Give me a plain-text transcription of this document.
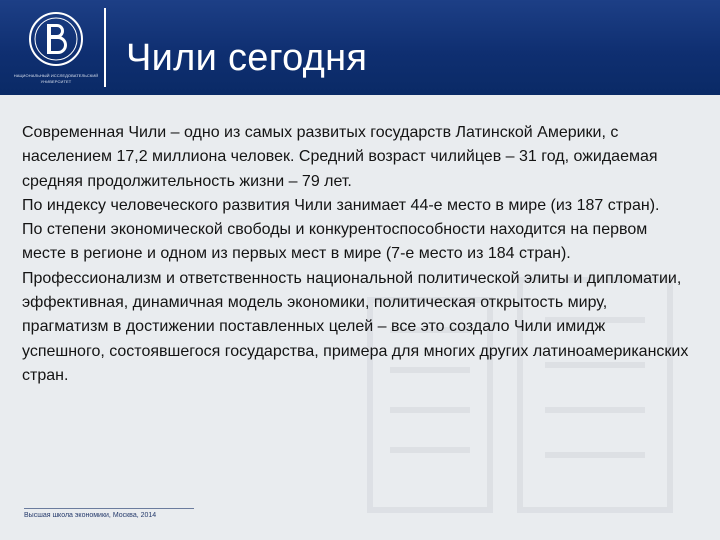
НАЦИОНАЛЬНЫЙ ИССЛЕДОВАТЕЛЬСКИЙ УНИВЕРСИТЕТ
Чили сегодня

Современная Чили – одно из самых развитых государств Латинской Америки, с населением 17,2 миллиона человек. Средний возраст чилийцев – 31 год, ожидаемая средняя продолжительность жизни – 79 лет.

По индексу человеческого развития Чили занимает 44-е место в мире (из 187 стран).

По степени экономической свободы и конкурентоспособности находится на первом месте в регионе и одном из первых мест в мире (7-е место из 184 стран).

Профессионализм и ответственность национальной политической элиты и дипломатии, эффективная, динамичная модель экономики, политическая открытость миру, прагматизм в достижении поставленных целей – все это создало Чили имидж успешного, состоявшегося государства, примера для многих других латиноамериканских стран.

Высшая школа экономики, Москва, 2014
